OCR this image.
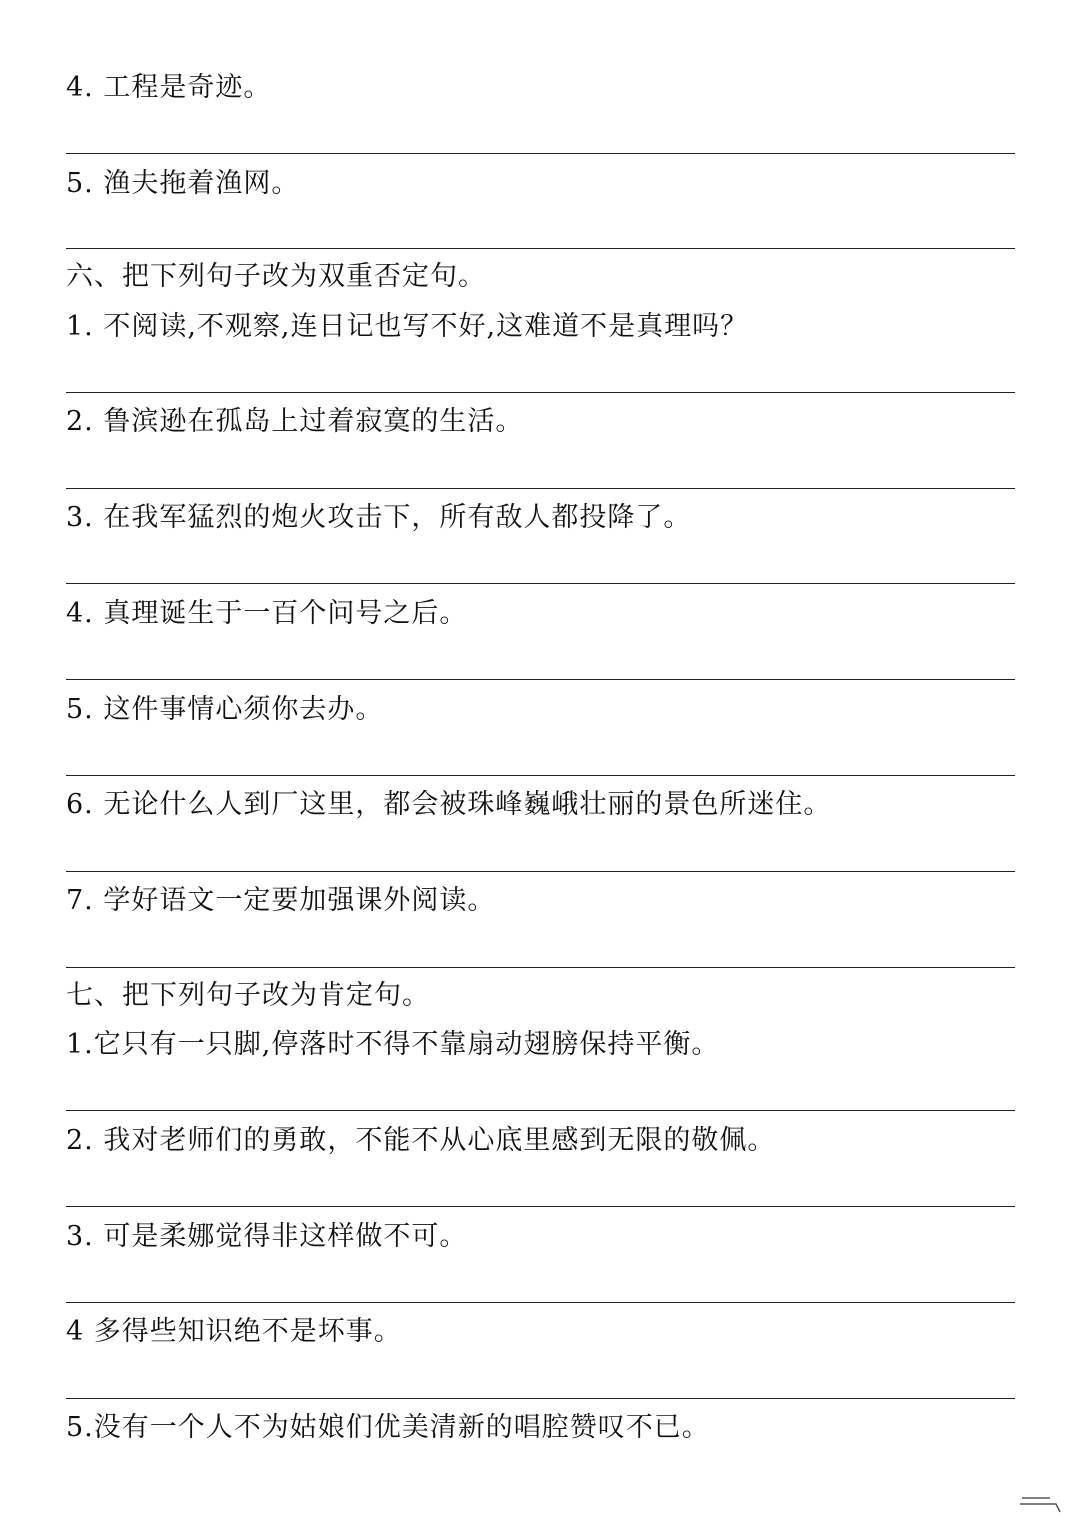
4. 工程是奇迹。
5. 渔夫拖着渔网。
六、把下列句子改为双重否定句。
1. 不阅读,不观察,连日记也写不好,这难道不是真理吗？
2. 鲁滨逊在孤岛上过着寂寞的生活。
3. 在我军猛烈的炮火攻击下，所有敌人都投降了。
4. 真理诞生于一百个问号之后。
5. 这件事情心须你去办。
6. 无论什么人到厂这里，都会被珠峰巍峨壮丽的景色所迷住。
7. 学好语文一定要加强课外阅读。
七、把下列句子改为肯定句。
1.它只有一只脚,停落时不得不靠扇动翅膀保持平衡。
2. 我对老师们的勇敢，不能不从心底里感到无限的敬佩。
3. 可是柔娜觉得非这样做不可。
4 多得些知识绝不是坏事。
5.没有一个人不为姑娘们优美清新的唱腔赞叹不已。
